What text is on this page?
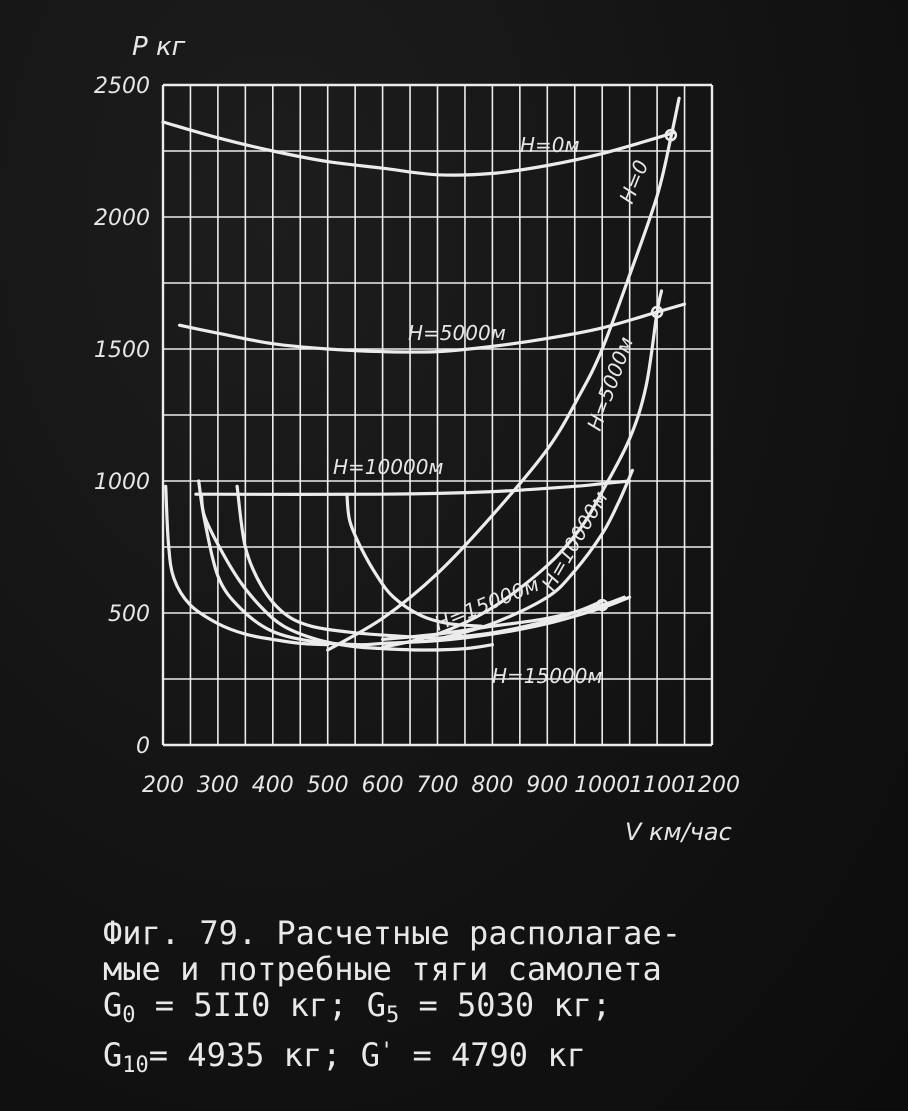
P кг
V км/час
200 300 400 500 600 700 800 900 1000
1100
1200
0
500
1000
1500
2000
2500
H=0м
H=0
H=5000м
H=5000м
H=10000м
H=10000м
H=15000м
H=15000м
Фиг. 79. Расчетные располагае-
мые и потребные тяги самолета
$G_0 = 5II0$ кг; $G_5 = 5030$ кг;
$G_{10}= 4935$ кг; G' = 4790 кг
